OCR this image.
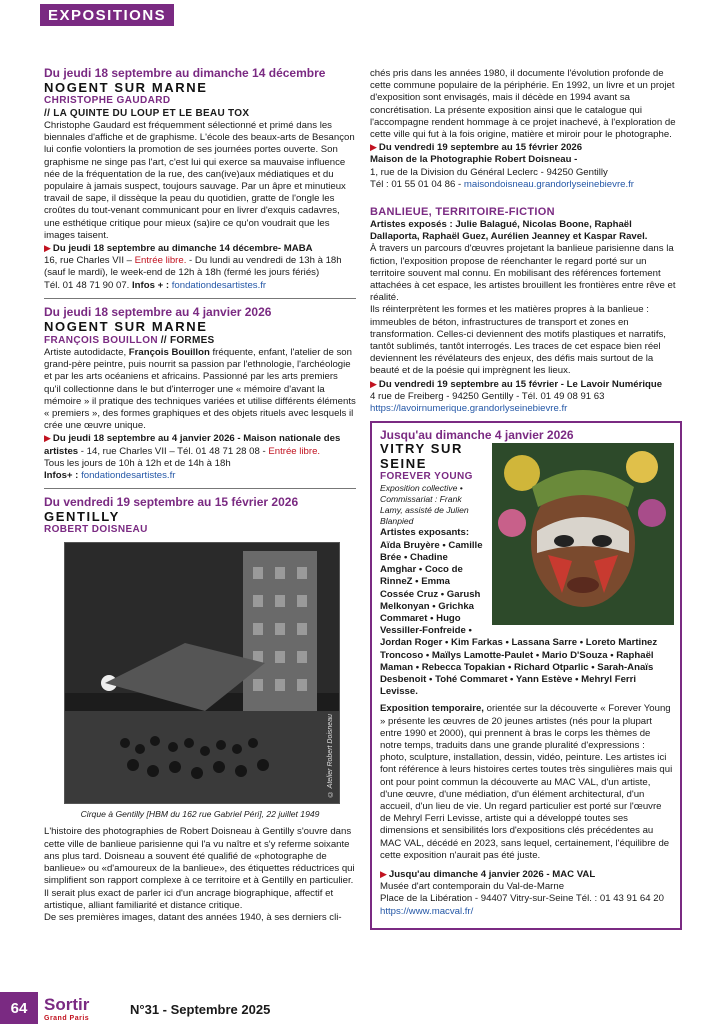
EXPOSITIONS
Du jeudi 18 septembre au dimanche 14 décembre
NOGENT SUR MARNE
CHRISTOPHE GAUDARD
// LA QUINTE DU LOUP ET LE BEAU TOX

Christophe Gaudard est fréquemment sélectionné et primé dans les biennales d'affiche et de graphisme. L'école des beaux-arts de Besançon lui confie volontiers la promotion de ses journées portes ouverte. Son graphisme ne singe pas l'art, c'est lui qui exerce sa mauvaise influence née de la fréquentation de la rue, des can(ive)aux médiatiques et du populaire à jamais suspect, toujours sauvage. Par un âpre et minutieux travail de sape, il dissèque la peau du quotidien, gratte de l'ongle les croûtes du tout-venant communicant pour en livrer d'exquis cadavres, une esthétique critique pour mieux (sa)ire ce qu'on voudrait que les images taisent.

▶ Du jeudi 18 septembre au dimanche 14 décembre- MABA

16, rue Charles VII – Entrée libre. - Du lundi au vendredi de 13h à 18h (sauf le mardi), le week-end de 12h à 18h (fermé les jours fériés)

Tél. 01 48 71 90 07. Infos + : fondationdesartistes.fr

Du jeudi 18 septembre au 4 janvier 2026
NOGENT SUR MARNE
FRANÇOIS BOUILLON // FORMES

Artiste autodidacte, François Bouillon fréquente, enfant, l'atelier de son grand-père peintre, puis nourrit sa passion par l'ethnologie, l'archéologie et par les arts océaniens et africains. Passionné par les arts premiers qu'il collectionne dans le but d'interroger une « mémoire d'avant la mémoire » il pratique des techniques variées et utilise différents éléments « premiers », des formes graphiques et des objets rituels avec lesquels il crée une œuvre unique.

▶ Du jeudi 18 septembre au 4 janvier 2026 - Maison nationale des artistes - 14, rue Charles VII – Tél. 01 48 71 28 08 - Entrée libre.

Tous les jours de 10h à 12h et de 14h à 18h

Infos+ : fondationdesartistes.fr

Du vendredi 19 septembre au 15 février 2026
GENTILLY
ROBERT DOISNEAU
© Atelier Robert Doisneau
Cirque à Gentilly [HBM du 162 rue Gabriel Péri], 22 juillet 1949

L'histoire des photographies de Robert Doisneau à Gentilly s'ouvre dans cette ville de banlieue parisienne qui l'a vu naître et s'y referme soixante ans plus tard. Doisneau a souvent été qualifié de «photographe de banlieue» ou «d'amoureux de la banlieue», des étiquettes réductrices qui simplifient son rapport complexe à ce territoire et à Gentilly en particulier. Il serait plus exact de parler ici d'un ancrage biographique, affectif et artistique, alliant familiarité et distance critique.

De ses premières images, datant des années 1940, à ses derniers cli-

chés pris dans les années 1980, il documente l'évolution profonde de cette commune populaire de la périphérie. En 1992, un livre et un projet d'exposition sont envisagés, mais il décède en 1994 avant sa concrétisation. La présente exposition ainsi que le catalogue qui l'accompagne rendent hommage à ce projet inachevé, à l'exploration de cette ville qui fut à la fois origine, matière et miroir pour le photographe.

▶ Du vendredi 19 septembre au 15 février 2026

Maison de la Photographie Robert Doisneau -

1, rue de la Division du Général Leclerc - 94250 Gentilly

Tél : 01 55 01 04 86 - maisondoisneau.grandorlyseinebievre.fr

BANLIEUE, TERRITOIRE-FICTION

Artistes exposés : Julie Balagué, Nicolas Boone, Raphaël Dallaporta, Raphaël Guez, Aurélien Jeanney et Kaspar Ravel.

À travers un parcours d'œuvres projetant la banlieue parisienne dans la fiction, l'exposition propose de réenchanter le regard porté sur un territoire souvent mal connu. En mobilisant des références fortement attachées à cet espace, les artistes brouillent les frontières entre rêve et réalité.

Ils réinterprètent les formes et les matières propres à la banlieue : immeubles de béton, infrastructures de transport et zones en transformation. Celles-ci deviennent des motifs plastiques et narratifs, tantôt sublimés, tantôt interrogés. Les traces de cet espace bien réel deviennent les révélateurs des enjeux, des défis mais surtout de la beauté et de la poésie qui imprègnent les lieux.

▶ Du vendredi 19 septembre au 15 février - Le Lavoir Numérique

4 rue de Freiberg - 94250 Gentilly - Tél. 01 49 08 91 63

https://lavoirnumerique.grandorlyseinebievre.fr

Jusqu'au dimanche 4 janvier 2026
VITRY SUR SEINE
FOREVER YOUNG

Exposition collective • Commissariat : Frank Lamy, assisté de Julien Blanpied

Artistes exposants:

Aïda Bruyère • Camille Brée • Chadine Amghar • Coco de RinneZ • Emma Cossée Cruz • Garush Melkonyan • Grichka Commaret • Hugo Vessiller-Fonfreide • Jordan Roger • Kim Farkas • Lassana Sarre • Loreto Martinez Troncoso • Maïlys Lamotte-Paulet • Mario D'Souza • Raphaël Maman • Rebecca Topakian • Richard Otparlic • Sarah-Anaïs Desbenoit • Tohé Commaret • Yann Estève • Mehryl Ferri Levisse.

Exposition temporaire, orientée sur la découverte « Forever Young » présente les œuvres de 20 jeunes artistes (nés pour la plupart entre 1990 et 2000), qui prennent à bras le corps les thèmes de notre temps, traduits dans une grande pluralité d'expressions : photo, sculpture, installation, dessin, vidéo, peinture. Les artistes ici font référence à leurs histoires certes toutes très singulières mais qui ont pour point commun la découverte au MAC VAL, d'un artiste, d'une œuvre, d'une médiation, d'un élément architectural, d'un accueil, d'un lieu de vie. Un regard particulier est porté sur l'œuvre de Mehryl Ferri Levisse, artiste qui a développé toutes ses dimensions et sensibilités lors d'expositions clés précédentes au MAC VAL, décédé en 2023, sans lequel, certainement, l'équilibre de cette exposition n'aurait pas été juste.

▶ Jusqu'au dimanche 4 janvier 2026 - MAC VAL

Musée d'art contemporain du Val-de-Marne

Place de la Libération - 94407 Vitry-sur-Seine Tél. : 01 43 91 64 20

https://www.macval.fr/

64 Sortir
Grand Paris
N°31 - Septembre 2025
